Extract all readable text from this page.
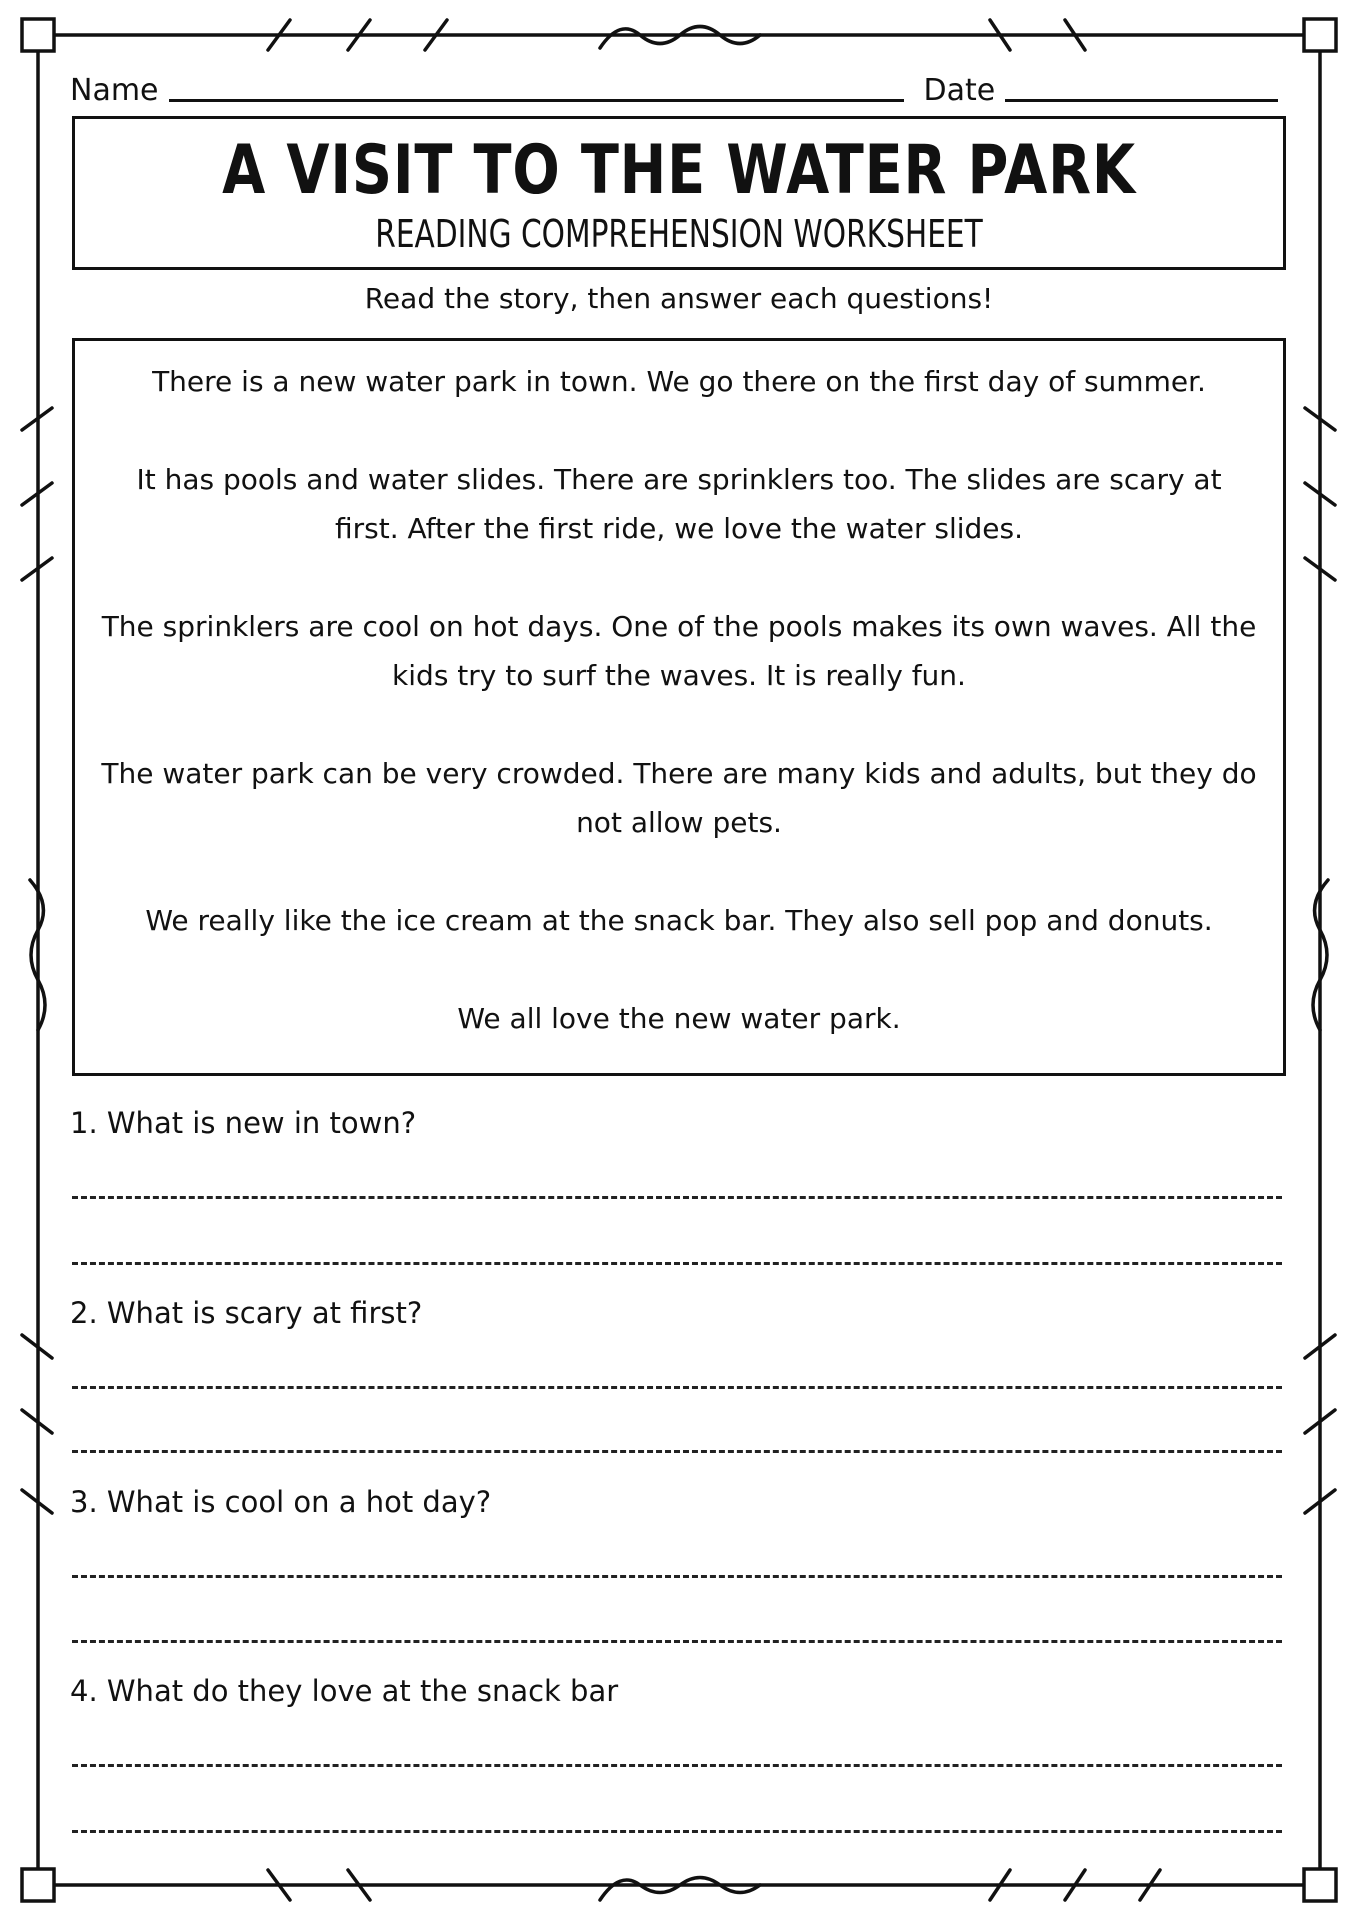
Name	Date
A VISIT TO THE WATER PARK
READING COMPREHENSION WORKSHEET
Read the story, then answer each questions!

There is a new water park in town. We go there on the first day of summer.

It has pools and water slides. There are sprinklers too. The slides are scary at first. After the first ride, we love the water slides.

The sprinklers are cool on hot days. One of the pools makes its own waves. All the kids try to surf the waves. It is really fun.

The water park can be very crowded. There are many kids and adults, but they do not allow pets.

We really like the ice cream at the snack bar. They also sell pop and donuts.

We all love the new water park.

1. What is new in town?
2. What is scary at first?
3. What is cool on a hot day?
4. What do they love at the snack bar
